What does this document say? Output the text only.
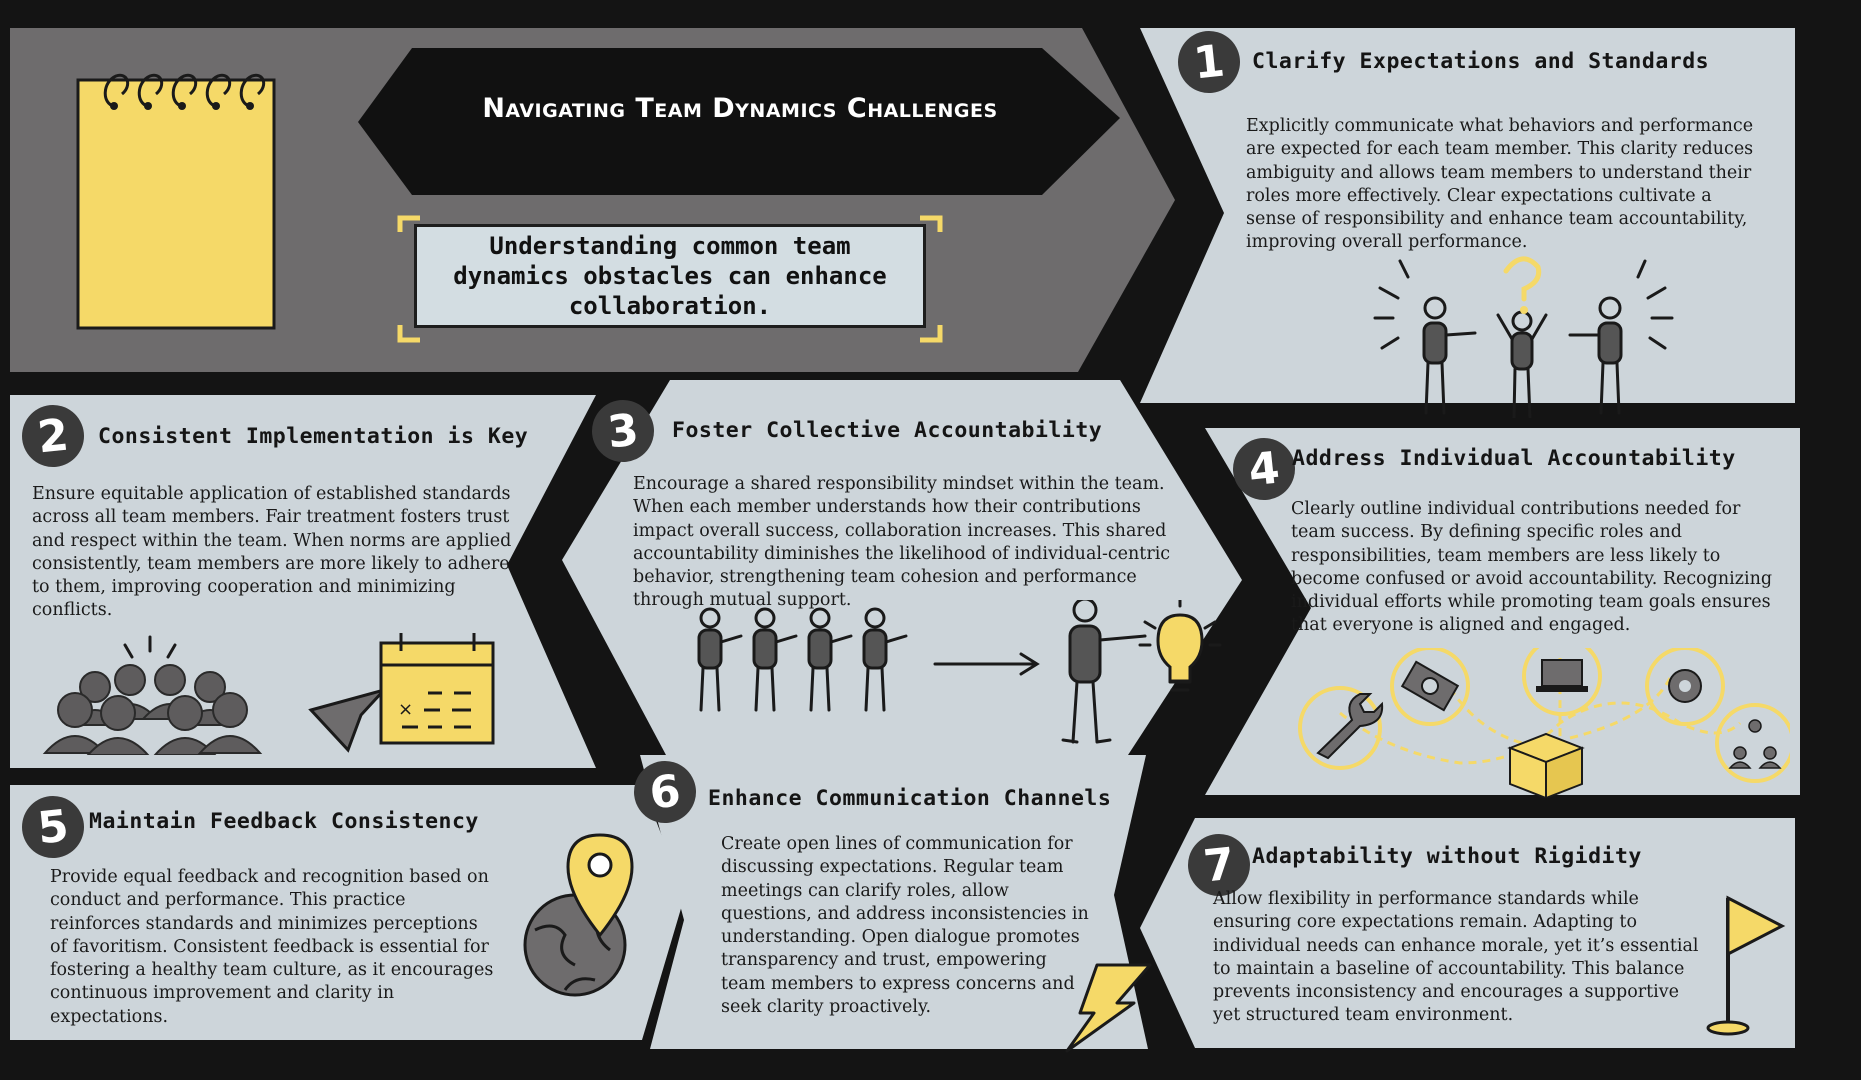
Navigating Team Dynamics Challenges
Understanding common team dynamics obstacles can enhance collaboration.
1	Clarify Expectations and Standards
Explicitly communicate what behaviors and performance are expected for each team member. This clarity reduces ambiguity and allows team members to understand their roles more effectively. Clear expectations cultivate a sense of responsibility and enhance team accountability, improving overall performance.
2	Consistent Implementation is Key
Ensure equitable application of established standards across all team members. Fair treatment fosters trust and respect within the team. When norms are applied consistently, team members are more likely to adhere to them, improving cooperation and minimizing conflicts.
×
3	Foster Collective Accountability
Encourage a shared responsibility mindset within the team. When each member understands how their contributions impact overall success, collaboration increases. This shared accountability diminishes the likelihood of individual-centric behavior, strengthening team cohesion and performance through mutual support.
4 Address Individual Accountability
Clearly outline individual contributions needed for team success. By defining specific roles and responsibilities, team members are less likely to become confused or avoid accountability. Recognizing individual efforts while promoting team goals ensures that everyone is aligned and engaged.
5 Maintain Feedback Consistency
Provide equal feedback and recognition based on conduct and performance. This practice reinforces standards and minimizes perceptions of favoritism. Consistent feedback is essential for fostering a healthy team culture, as it encourages continuous improvement and clarity in expectations.
6	Enhance Communication Channels
Create open lines of communication for discussing expectations. Regular team meetings can clarify roles, allow questions, and address inconsistencies in understanding. Open dialogue promotes transparency and trust, empowering team members to express concerns and seek clarity proactively.
7 Adaptability without Rigidity
Allow flexibility in performance standards while ensuring core expectations remain. Adapting to individual needs can enhance morale, yet it’s essential to maintain a baseline of accountability. This balance prevents inconsistency and encourages a supportive yet structured team environment.
